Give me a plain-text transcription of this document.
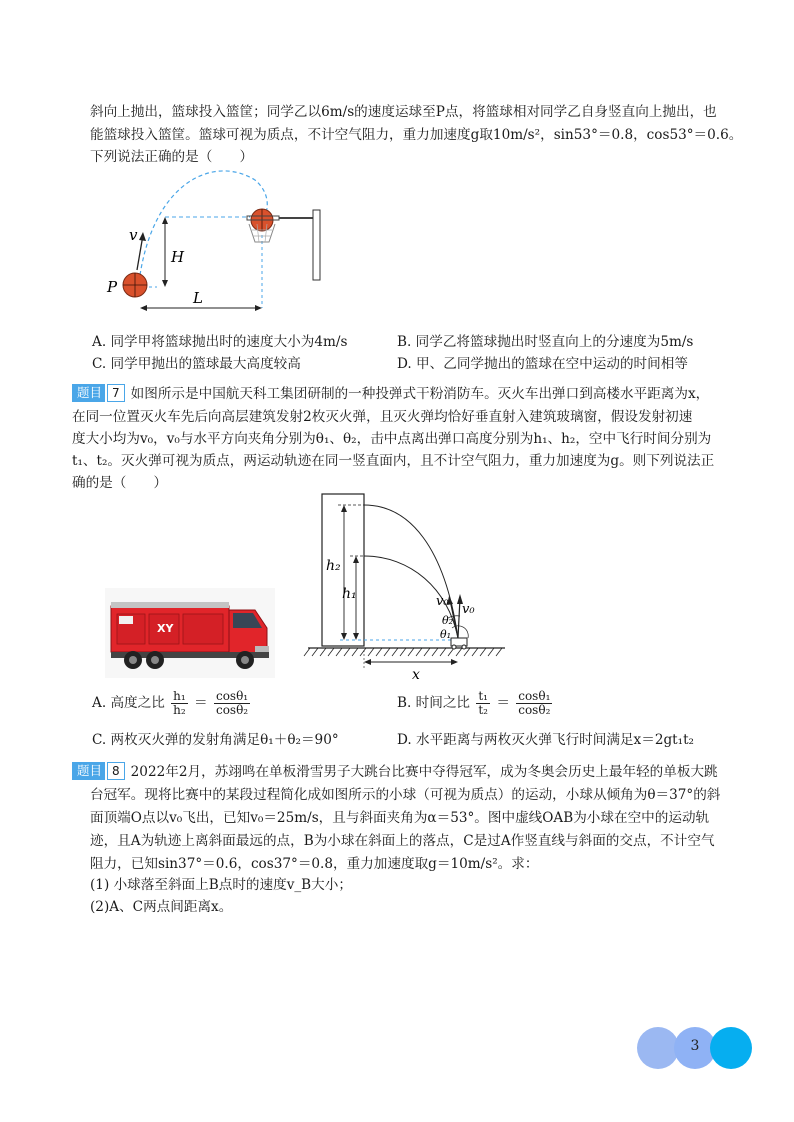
斜向上抛出，篮球投入篮筐；同学乙以6m/s的速度运球至P点，将篮球相对同学乙自身竖直向上抛出，也
能篮球投入篮筐。篮球可视为质点，不计空气阻力，重力加速度g取10m/s²，sin53°＝0.8，cos53°＝0.6。
下列说法正确的是（　　）
v
H
P
L
A. 同学甲将篮球抛出时的速度大小为4m/s	B. 同学乙将篮球抛出时竖直向上的分速度为5m/s
C. 同学甲抛出的篮球最大高度较高	D. 甲、乙同学抛出的篮球在空中运动的时间相等
题目 7 如图所示是中国航天科工集团研制的一种投弹式干粉消防车。灭火车出弹口到高楼水平距离为x，
在同一位置灭火车先后向高层建筑发射2枚灭火弹，且灭火弹均恰好垂直射入建筑玻璃窗，假设发射初速
度大小均为v₀，v₀与水平方向夹角分别为θ₁、θ₂，击中点离出弹口高度分别为h₁、h₂，空中飞行时间分别为
t₁、t₂。灭火弹可视为质点，两运动轨迹在同一竖直面内，且不计空气阻力，重力加速度为g。则下列说法正
确的是（　　）
XY
h₂
h₁	v₀
v₀
θ₂
θ₁
x
A. 高度之比 $\frac{\text{h₁}}{\text{h₂}} = \frac{\text{cosθ₁}}{\text{cosθ₂}}$	B. 时间之比 $\frac{\text{t₁}}{\text{t₂}} = \frac{\text{cosθ₁}}{\text{cosθ₂}}$
C. 两枚灭火弹的发射角满足θ₁＋θ₂＝90°	D. 水平距离与两枚灭火弹飞行时间满足x＝2gt₁t₂
题目 8 2022年2月，苏翊鸣在单板滑雪男子大跳台比赛中夺得冠军，成为冬奥会历史上最年轻的单板大跳
台冠军。现将比赛中的某段过程简化成如图所示的小球（可视为质点）的运动，小球从倾角为θ＝37°的斜
面顶端O点以v₀飞出，已知v₀＝25m/s，且与斜面夹角为α＝53°。图中虚线OAB为小球在空中的运动轨
迹，且A为轨迹上离斜面最远的点，B为小球在斜面上的落点，C是过A作竖直线与斜面的交点，不计空气
阻力，已知sin37°＝0.6，cos37°＝0.8，重力加速度取g＝10m/s²。求：
(1) 小球落至斜面上B点时的速度v_B大小；
(2)A、C两点间距离x。
3
